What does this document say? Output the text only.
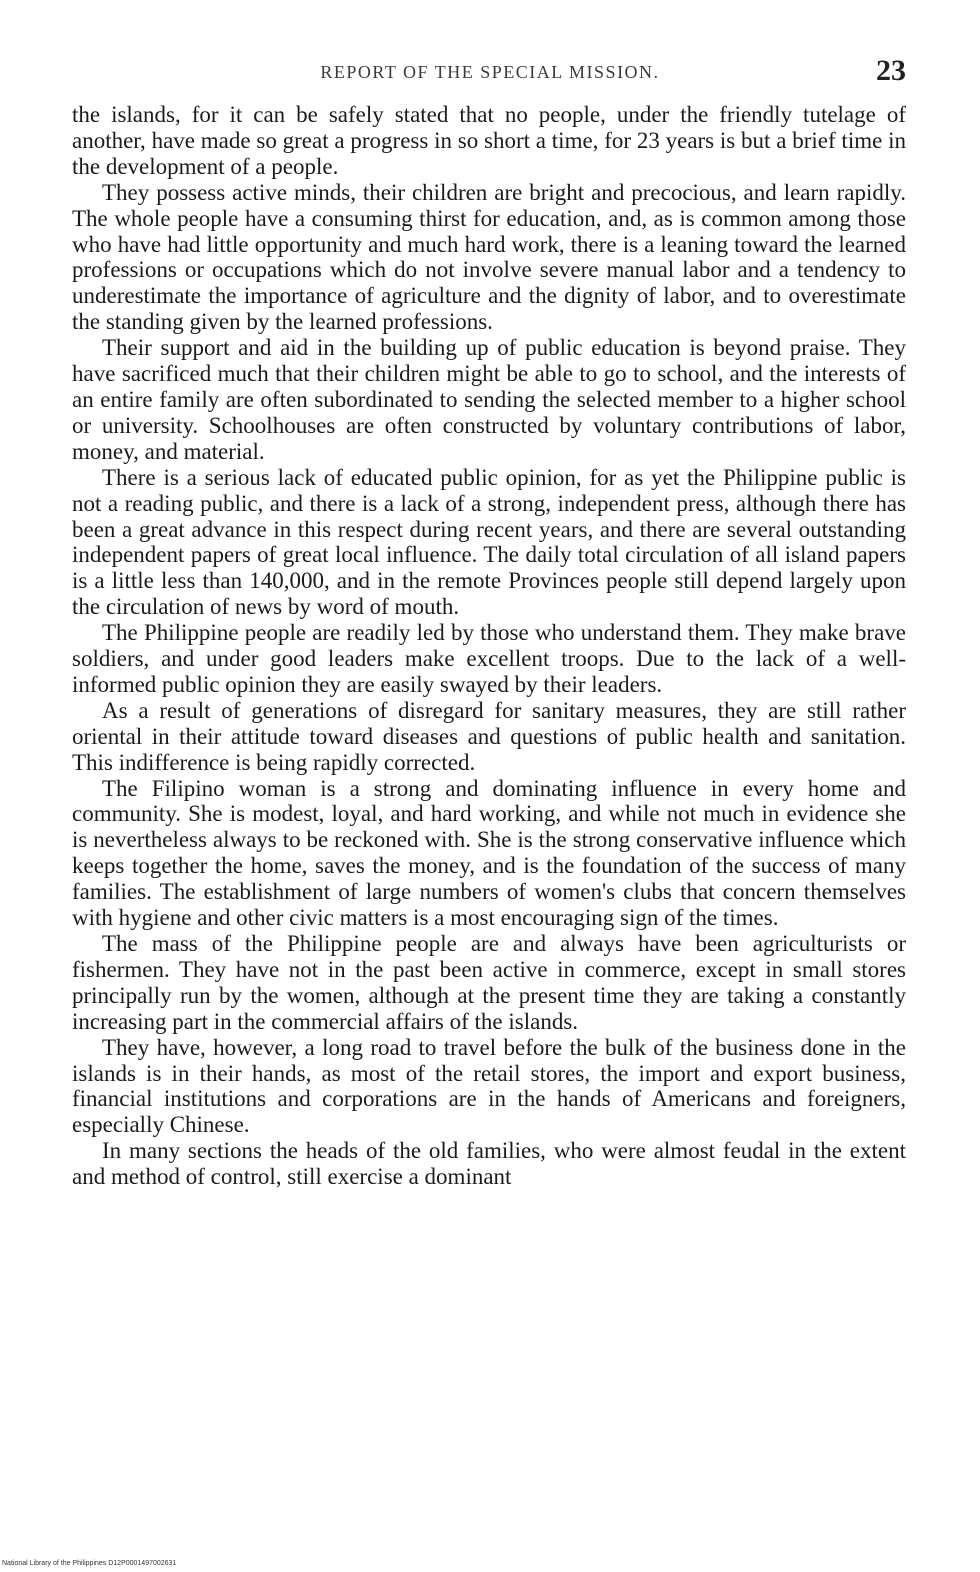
REPORT OF THE SPECIAL MISSION.	23

the islands, for it can be safely stated that no people, under the friendly tutelage of another, have made so great a progress in so short a time, for 23 years is but a brief time in the development of a people.

They possess active minds, their children are bright and precocious, and learn rapidly. The whole people have a consuming thirst for education, and, as is common among those who have had little opportunity and much hard work, there is a leaning toward the learned professions or occupations which do not involve severe manual labor and a tendency to underestimate the importance of agriculture and the dignity of labor, and to overestimate the standing given by the learned professions.

Their support and aid in the building up of public education is beyond praise. They have sacrificed much that their children might be able to go to school, and the interests of an entire family are often subordinated to sending the selected member to a higher school or university. Schoolhouses are often constructed by voluntary contributions of labor, money, and material.

There is a serious lack of educated public opinion, for as yet the Philippine public is not a reading public, and there is a lack of a strong, independent press, although there has been a great advance in this respect during recent years, and there are several outstanding independent papers of great local influence. The daily total circulation of all island papers is a little less than 140,000, and in the remote Provinces people still depend largely upon the circulation of news by word of mouth.

The Philippine people are readily led by those who understand them. They make brave soldiers, and under good leaders make excellent troops. Due to the lack of a well-informed public opinion they are easily swayed by their leaders.

As a result of generations of disregard for sanitary measures, they are still rather oriental in their attitude toward diseases and questions of public health and sanitation. This indifference is being rapidly corrected.

The Filipino woman is a strong and dominating influence in every home and community. She is modest, loyal, and hard working, and while not much in evidence she is nevertheless always to be reckoned with. She is the strong conservative influence which keeps together the home, saves the money, and is the foundation of the success of many families. The establishment of large numbers of women's clubs that concern themselves with hygiene and other civic matters is a most encouraging sign of the times.

The mass of the Philippine people are and always have been agriculturists or fishermen. They have not in the past been active in commerce, except in small stores principally run by the women, although at the present time they are taking a constantly increasing part in the commercial affairs of the islands.

They have, however, a long road to travel before the bulk of the business done in the islands is in their hands, as most of the retail stores, the import and export business, financial institutions and corporations are in the hands of Americans and foreigners, especially Chinese.

In many sections the heads of the old families, who were almost feudal in the extent and method of control, still exercise a dominant

National Library of the Philippines D12P0001497002631
